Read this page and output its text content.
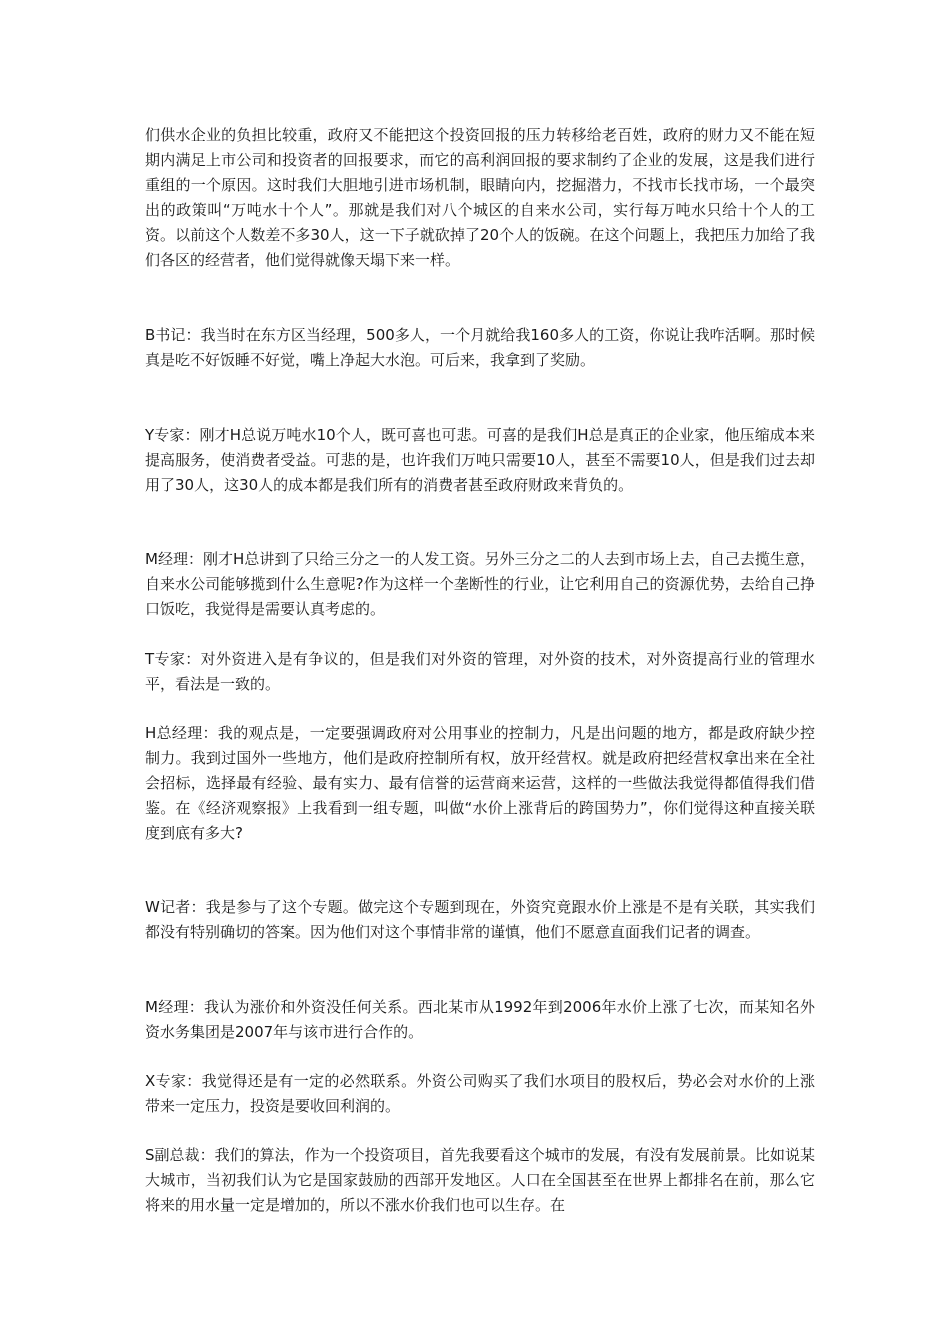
们供水企业的负担比较重，政府又不能把这个投资回报的压力转移给老百姓，政府的财力又不能在短期内满足上市公司和投资者的回报要求，而它的高利润回报的要求制约了企业的发展，这是我们进行重组的一个原因。这时我们大胆地引进市场机制，眼睛向内，挖掘潜力，不找市长找市场，一个最突出的政策叫“万吨水十个人”。那就是我们对八个城区的自来水公司，实行每万吨水只给十个人的工资。以前这个人数差不多30人，这一下子就砍掉了20个人的饭碗。在这个问题上，我把压力加给了我们各区的经营者，他们觉得就像天塌下来一样。

B书记：我当时在东方区当经理，500多人，一个月就给我160多人的工资，你说让我咋活啊。那时候真是吃不好饭睡不好觉，嘴上净起大水泡。可后来，我拿到了奖励。

Y专家：刚才H总说万吨水10个人，既可喜也可悲。可喜的是我们H总是真正的企业家，他压缩成本来提高服务，使消费者受益。可悲的是，也许我们万吨只需要10人，甚至不需要10人，但是我们过去却用了30人，这30人的成本都是我们所有的消费者甚至政府财政来背负的。

M经理：刚才H总讲到了只给三分之一的人发工资。另外三分之二的人去到市场上去，自己去揽生意，自来水公司能够揽到什么生意呢?作为这样一个垄断性的行业，让它利用自己的资源优势，去给自己挣口饭吃，我觉得是需要认真考虑的。

T专家：对外资进入是有争议的，但是我们对外资的管理，对外资的技术，对外资提高行业的管理水平，看法是一致的。

H总经理：我的观点是，一定要强调政府对公用事业的控制力，凡是出问题的地方，都是政府缺少控制力。我到过国外一些地方，他们是政府控制所有权，放开经营权。就是政府把经营权拿出来在全社会招标，选择最有经验、最有实力、最有信誉的运营商来运营，这样的一些做法我觉得都值得我们借鉴。在《经济观察报》上我看到一组专题，叫做“水价上涨背后的跨国势力”，你们觉得这种直接关联度到底有多大?

W记者：我是参与了这个专题。做完这个专题到现在，外资究竟跟水价上涨是不是有关联，其实我们都没有特别确切的答案。因为他们对这个事情非常的谨慎，他们不愿意直面我们记者的调查。

M经理：我认为涨价和外资没任何关系。西北某市从1992年到2006年水价上涨了七次，而某知名外资水务集团是2007年与该市进行合作的。

X专家：我觉得还是有一定的必然联系。外资公司购买了我们水项目的股权后，势必会对水价的上涨带来一定压力，投资是要收回利润的。

S副总裁：我们的算法，作为一个投资项目，首先我要看这个城市的发展，有没有发展前景。比如说某大城市，当初我们认为它是国家鼓励的西部开发地区。人口在全国甚至在世界上都排名在前，那么它将来的用水量一定是增加的，所以不涨水价我们也可以生存。在
